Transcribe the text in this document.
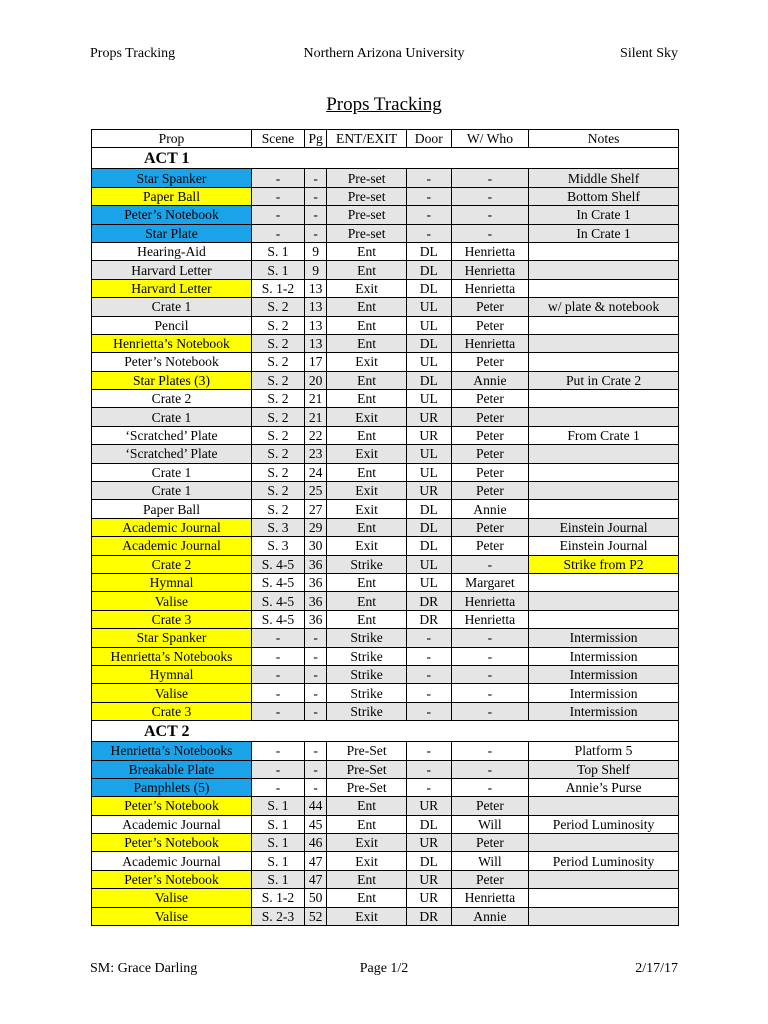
Props Tracking	Northern Arizona University	Silent Sky
Props Tracking
Prop	Scene	Pg	ENT/EXIT	Door	W/ Who	Notes
ACT 1						
Star Spanker	-	-	Pre-set	-	-	Middle Shelf
Paper Ball	-	-	Pre-set	-	-	Bottom Shelf
Peter’s Notebook	-	-	Pre-set	-	-	In Crate 1
Star Plate	-	-	Pre-set	-	-	In Crate 1
Hearing-Aid	S. 1	9	Ent	DL	Henrietta	
Harvard Letter	S. 1	9	Ent	DL	Henrietta	
Harvard Letter	S. 1-2	13	Exit	DL	Henrietta	
Crate 1	S. 2	13	Ent	UL	Peter	w/ plate & notebook
Pencil	S. 2	13	Ent	UL	Peter	
Henrietta’s Notebook	S. 2	13	Ent	DL	Henrietta	
Peter’s Notebook	S. 2	17	Exit	UL	Peter	
Star Plates (3)	S. 2	20	Ent	DL	Annie	Put in Crate 2
Crate 2	S. 2	21	Ent	UL	Peter	
Crate 1	S. 2	21	Exit	UR	Peter	
‘Scratched’ Plate	S. 2	22	Ent	UR	Peter	From Crate 1
‘Scratched’ Plate	S. 2	23	Exit	UL	Peter	
Crate 1	S. 2	24	Ent	UL	Peter	
Crate 1	S. 2	25	Exit	UR	Peter	
Paper Ball	S. 2	27	Exit	DL	Annie	
Academic Journal	S. 3	29	Ent	DL	Peter	Einstein Journal
Academic Journal	S. 3	30	Exit	DL	Peter	Einstein Journal
Crate 2	S. 4-5	36	Strike	UL	-	Strike from P2
Hymnal	S. 4-5	36	Ent	UL	Margaret	
Valise	S. 4-5	36	Ent	DR	Henrietta	
Crate 3	S. 4-5	36	Ent	DR	Henrietta	
Star Spanker	-	-	Strike	-	-	Intermission
Henrietta’s Notebooks	-	-	Strike	-	-	Intermission
Hymnal	-	-	Strike	-	-	Intermission
Valise	-	-	Strike	-	-	Intermission
Crate 3	-	-	Strike	-	-	Intermission
ACT 2						
Henrietta’s Notebooks	-	-	Pre-Set	-	-	Platform 5
Breakable Plate	-	-	Pre-Set	-	-	Top Shelf
Pamphlets (5)	-	-	Pre-Set	-	-	Annie’s Purse
Peter’s Notebook	S. 1	44	Ent	UR	Peter	
Academic Journal	S. 1	45	Ent	DL	Will	Period Luminosity
Peter’s Notebook	S. 1	46	Exit	UR	Peter	
Academic Journal	S. 1	47	Exit	DL	Will	Period Luminosity
Peter’s Notebook	S. 1	47	Ent	UR	Peter	
Valise	S. 1-2	50	Ent	UR	Henrietta	
Valise	S. 2-3	52	Exit	DR	Annie	
SM: Grace Darling	Page 1/2	2/17/17
